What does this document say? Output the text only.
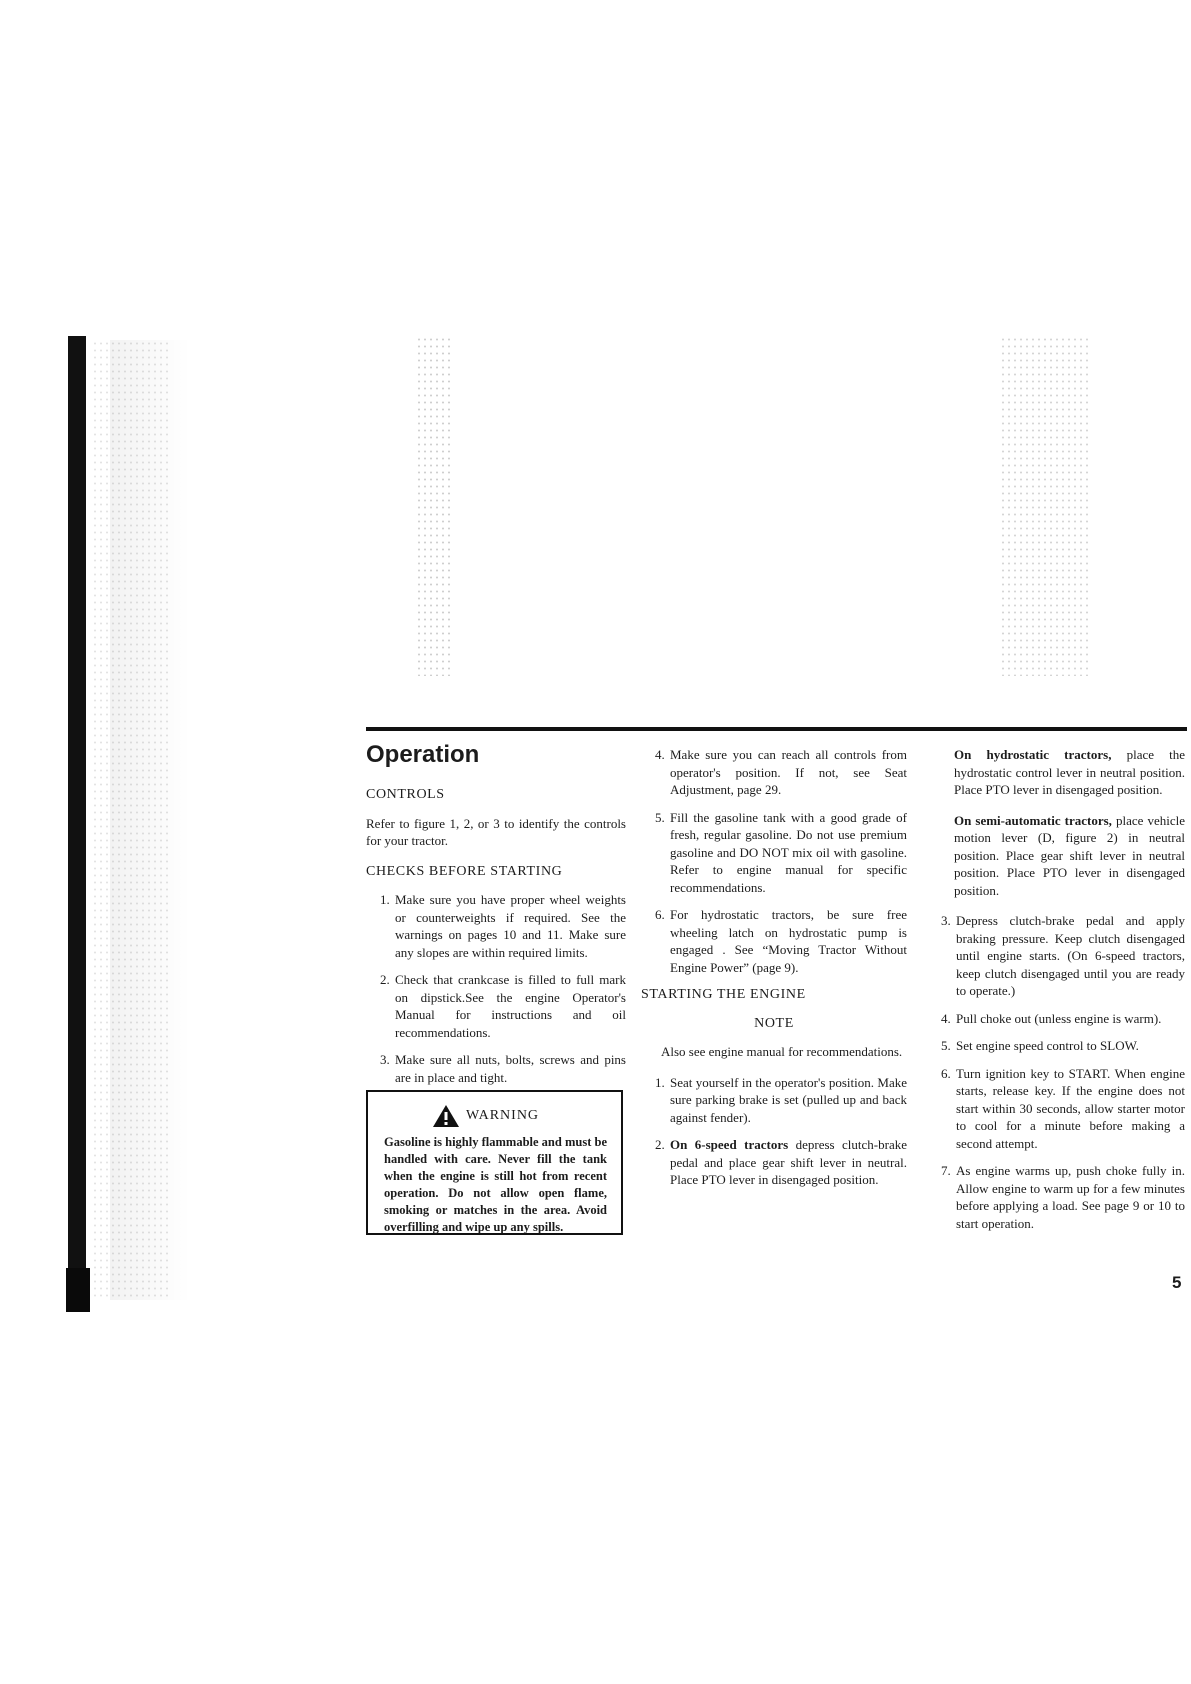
Operation
CONTROLS

Refer to figure 1, 2, or 3 to identify the controls for your tractor.

CHECKS BEFORE STARTING
1. Make sure you have proper wheel weights or counterweights if required. See the warnings on pages 10 and 11. Make sure any slopes are within required limits.
2. Check that crankcase is filled to full mark on dipstick.See the engine Operator's Manual for instructions and oil recommendations.
3. Make sure all nuts, bolts, screws and pins are in place and tight.
WARNING
Gasoline is highly flammable and must be handled with care. Never fill the tank when the engine is still hot from recent operation. Do not allow open flame, smoking or matches in the area. Avoid overfilling and wipe up any spills.
4. Make sure you can reach all controls from operator's position. If not, see Seat Adjustment, page 29.
5. Fill the gasoline tank with a good grade of fresh, regular gasoline. Do not use premium gasoline and DO NOT mix oil with gasoline. Refer to engine manual for specific recommendations.
6. For hydrostatic tractors, be sure free wheeling latch on hydrostatic pump is engaged . See “Moving Tractor Without Engine Power” (page 9).
STARTING THE ENGINE
NOTE

Also see engine manual for recommendations.

1. Seat yourself in the operator's position. Make sure parking brake is set (pulled up and back against fender).
2. On 6-speed tractors depress clutch-brake pedal and place gear shift lever in neutral. Place PTO lever in disengaged position.

On hydrostatic tractors, place the hydrostatic control lever in neutral position. Place PTO lever in disengaged position.

On semi-automatic tractors, place vehicle motion lever (D, figure 2) in neutral position. Place gear shift lever in neutral position. Place PTO lever in disengaged position.

3. Depress clutch-brake pedal and apply braking pressure. Keep clutch disengaged until engine starts. (On 6-speed tractors, keep clutch disengaged until you are ready to operate.)
4. Pull choke out (unless engine is warm).
5. Set engine speed control to SLOW.
6. Turn ignition key to START. When engine starts, release key. If the engine does not start within 30 seconds, allow starter motor to cool for a minute before making a second attempt.
7. As engine warms up, push choke fully in. Allow engine to warm up for a few minutes before applying a load. See page 9 or 10 to start operation.
5
